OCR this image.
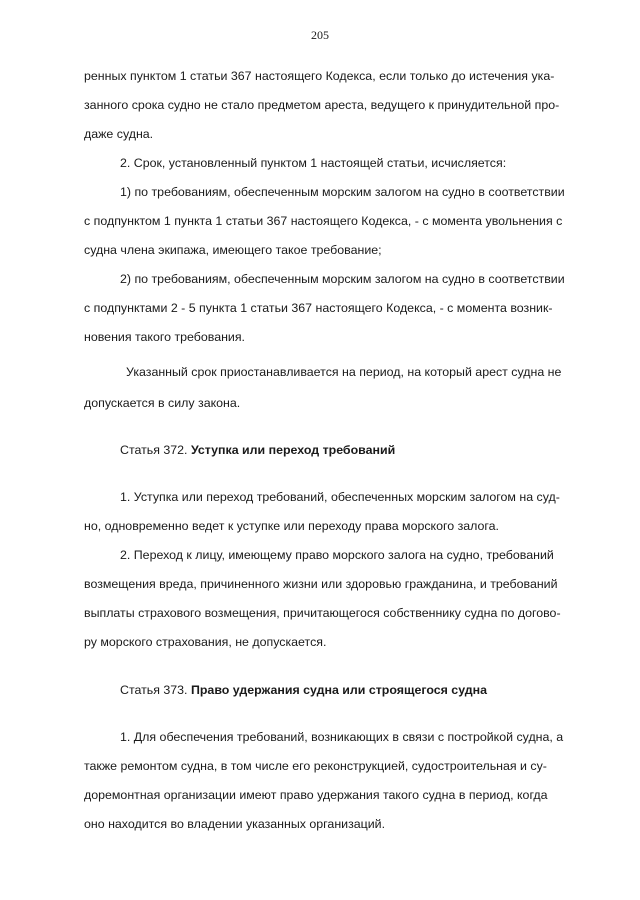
205
ренных пунктом 1 статьи 367 настоящего Кодекса, если только до истечения ука-
занного срока судно не стало предметом ареста, ведущего к принудительной про-
даже судна.
2. Срок, установленный пунктом 1 настоящей статьи, исчисляется:
1) по требованиям, обеспеченным морским залогом на судно в соответствии
с подпунктом 1 пункта 1 статьи 367 настоящего Кодекса, - с момента увольнения с
судна члена экипажа, имеющего такое требование;
2) по требованиям, обеспеченным морским залогом на судно в соответствии
с подпунктами 2 - 5 пункта 1 статьи 367 настоящего Кодекса, - с момента возник-
новения такого требования.
Указанный срок приостанавливается на период, на который арест судна не
допускается в силу закона.
Статья 372. Уступка или переход требований
1. Уступка или переход требований, обеспеченных морским залогом на суд-
но, одновременно ведет к уступке или переходу права морского залога.
2. Переход к лицу, имеющему право морского залога на судно, требований
возмещения вреда, причиненного жизни или здоровью гражданина, и требований
выплаты страхового возмещения, причитающегося собственнику судна по догово-
ру морского страхования, не допускается.
Статья 373. Право удержания судна или строящегося судна
1. Для обеспечения требований, возникающих в связи с постройкой судна, а
также ремонтом судна, в том числе его реконструкцией, судостроительная и су-
доремонтная организации имеют право удержания такого судна в период, когда
оно находится во владении указанных организаций.
